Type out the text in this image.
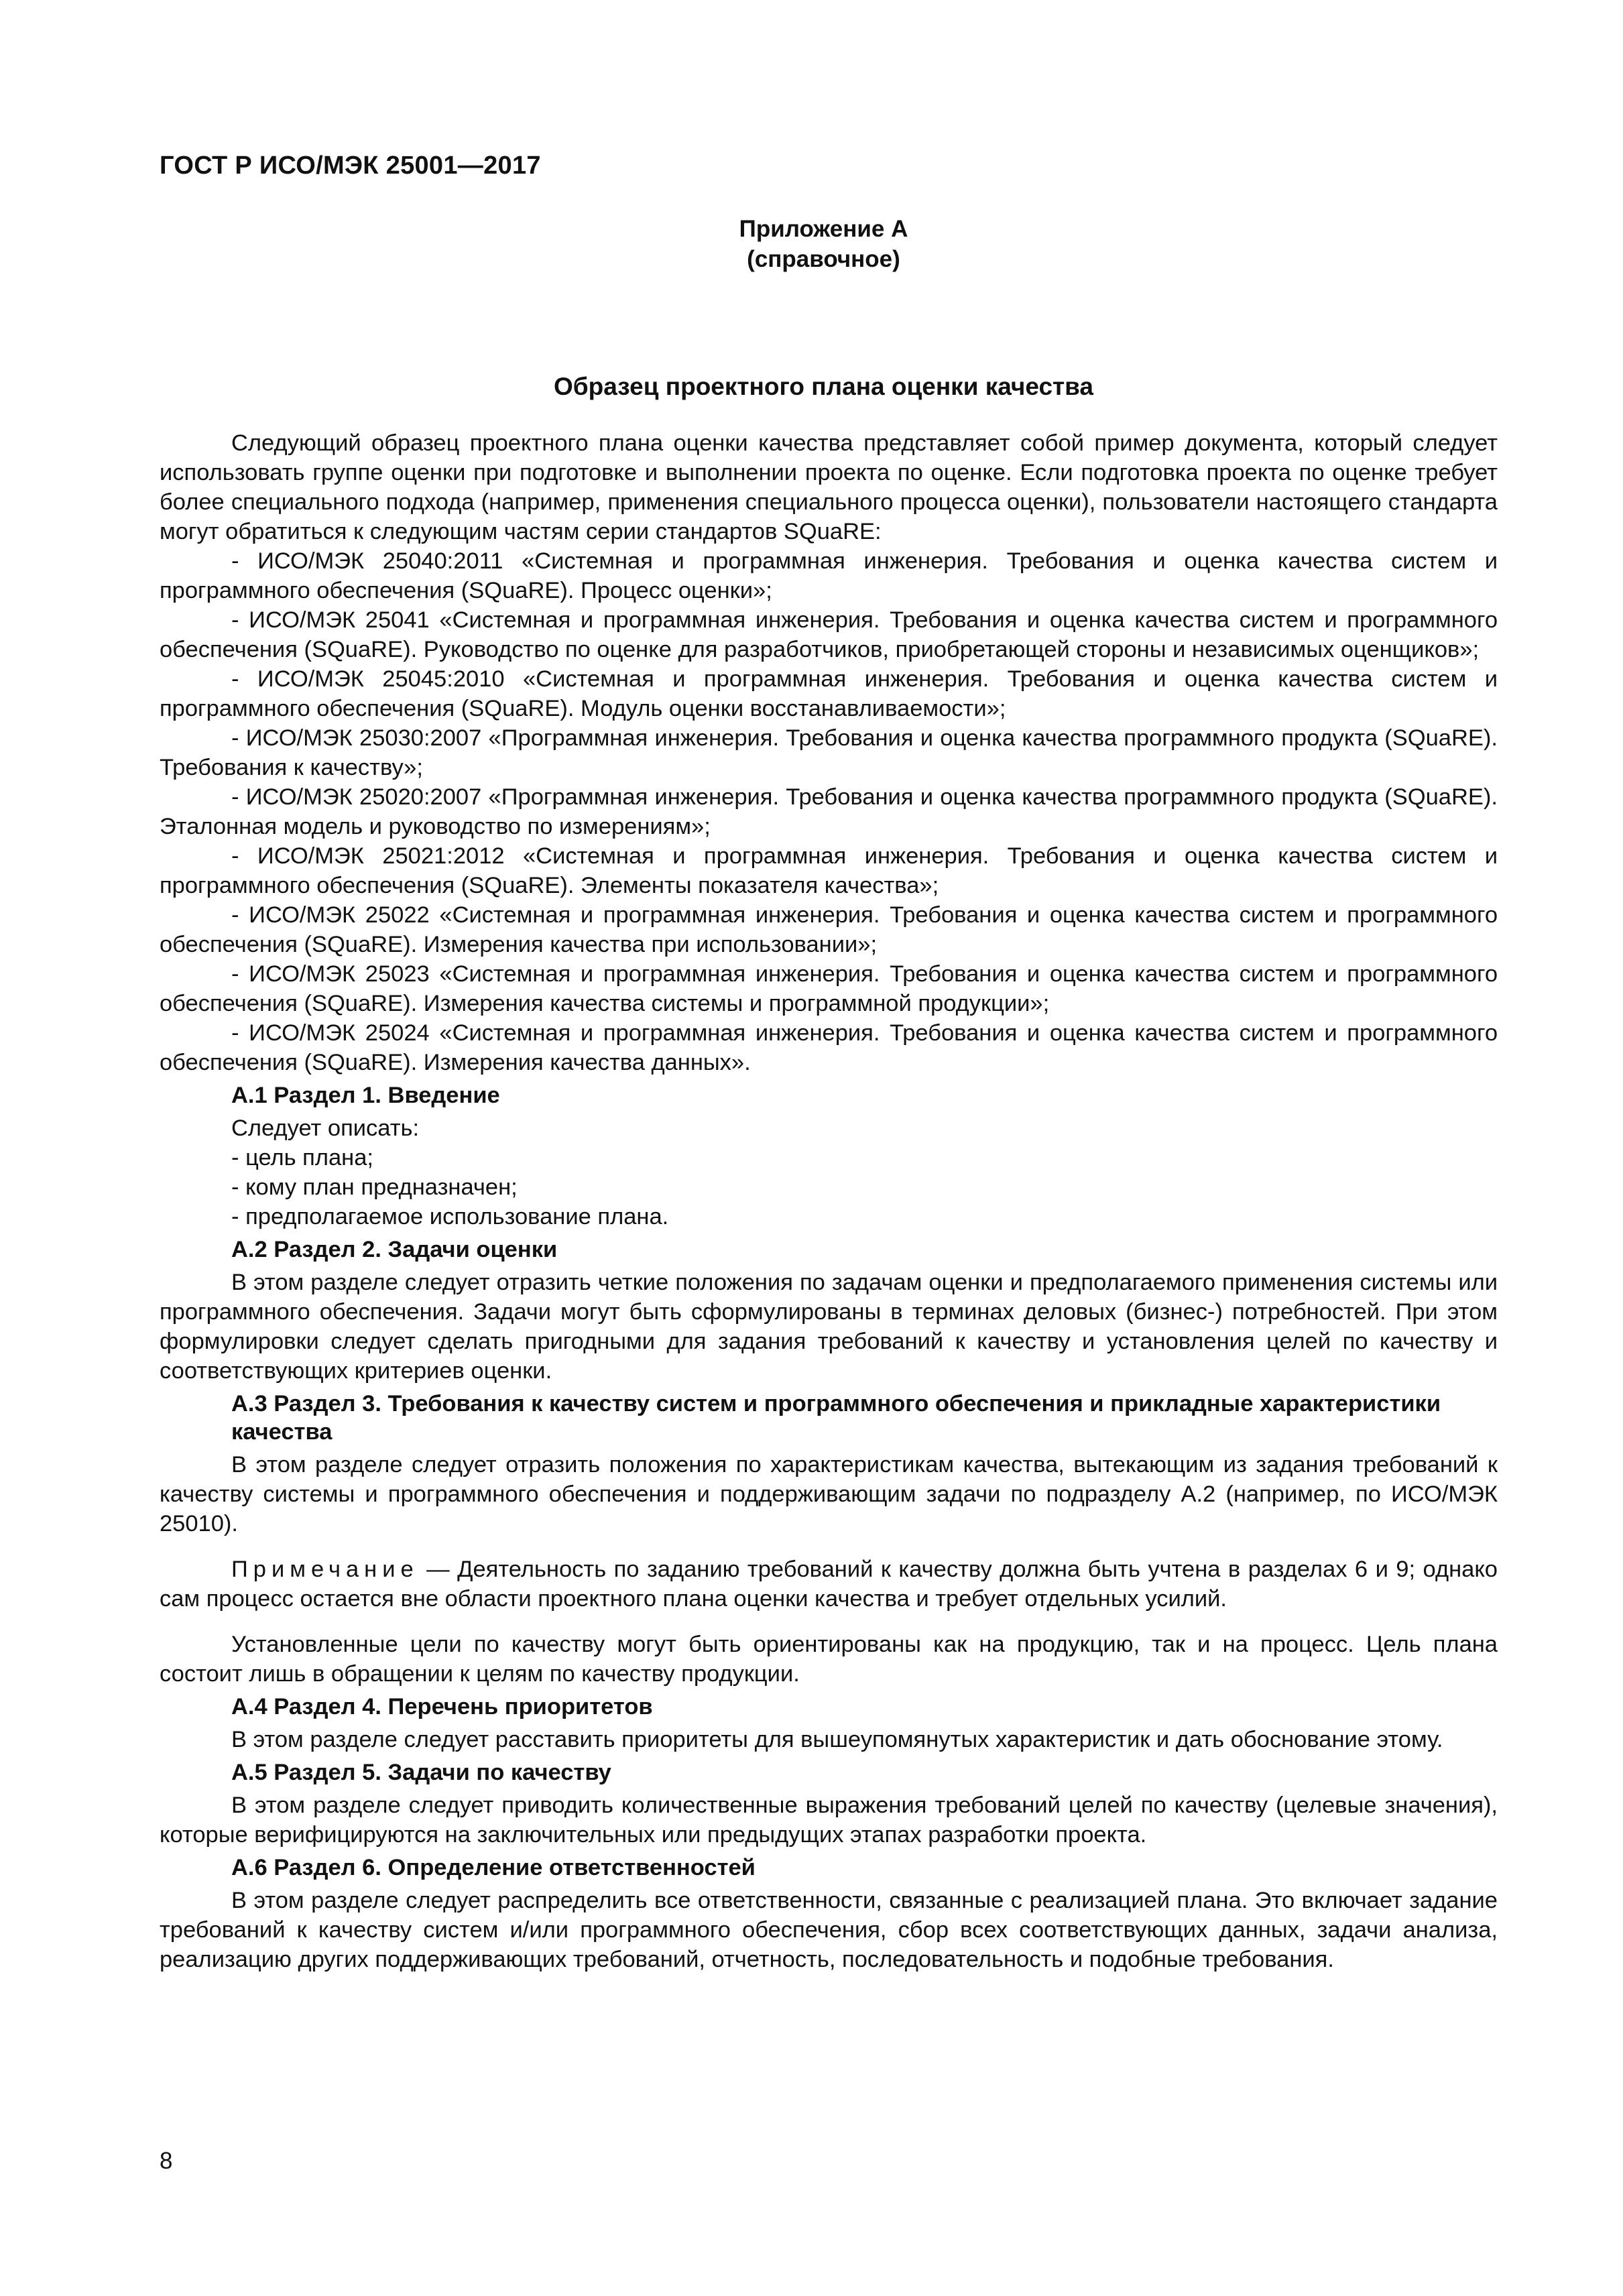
ГОСТ Р ИСО/МЭК 25001—2017
Приложение А
(справочное)
Образец проектного плана оценки качества

Следующий образец проектного плана оценки качества представляет собой пример документа, который следует использовать группе оценки при подготовке и выполнении проекта по оценке. Если подготовка проекта по оценке требует более специального подхода (например, применения специального процесса оценки), пользователи настоящего стандарта могут обратиться к следующим частям серии стандартов SQuaRE:

- ИСО/МЭК 25040:2011 «Системная и программная инженерия. Требования и оценка качества систем и программного обеспечения (SQuaRE). Процесс оценки»;

- ИСО/МЭК 25041 «Системная и программная инженерия. Требования и оценка качества систем и программного обеспечения (SQuaRE). Руководство по оценке для разработчиков, приобретающей стороны и независимых оценщиков»;

- ИСО/МЭК 25045:2010 «Системная и программная инженерия. Требования и оценка качества систем и программного обеспечения (SQuaRE). Модуль оценки восстанавливаемости»;

- ИСО/МЭК 25030:2007 «Программная инженерия. Требования и оценка качества программного продукта (SQuaRE). Требования к качеству»;

- ИСО/МЭК 25020:2007 «Программная инженерия. Требования и оценка качества программного продукта (SQuaRE). Эталонная модель и руководство по измерениям»;

- ИСО/МЭК 25021:2012 «Системная и программная инженерия. Требования и оценка качества систем и программного обеспечения (SQuaRE). Элементы показателя качества»;

- ИСО/МЭК 25022 «Системная и программная инженерия. Требования и оценка качества систем и программного обеспечения (SQuaRE). Измерения качества при использовании»;

- ИСО/МЭК 25023 «Системная и программная инженерия. Требования и оценка качества систем и программного обеспечения (SQuaRE). Измерения качества системы и программной продукции»;

- ИСО/МЭК 25024 «Системная и программная инженерия. Требования и оценка качества систем и программного обеспечения (SQuaRE). Измерения качества данных».

А.1 Раздел 1. Введение

Следует описать:

- цель плана;

- кому план предназначен;

- предполагаемое использование плана.

А.2 Раздел 2. Задачи оценки

В этом разделе следует отразить четкие положения по задачам оценки и предполагаемого применения системы или программного обеспечения. Задачи могут быть сформулированы в терминах деловых (бизнес-) потребностей. При этом формулировки следует сделать пригодными для задания требований к качеству и установления целей по качеству и соответствующих критериев оценки.

А.3 Раздел 3. Требования к качеству систем и программного обеспечения и прикладные характеристики качества

В этом разделе следует отразить положения по характеристикам качества, вытекающим из задания требований к качеству системы и программного обеспечения и поддерживающим задачи по подразделу А.2 (например, по ИСО/МЭК 25010).

Примечание — Деятельность по заданию требований к качеству должна быть учтена в разделах 6 и 9; однако сам процесс остается вне области проектного плана оценки качества и требует отдельных усилий.

Установленные цели по качеству могут быть ориентированы как на продукцию, так и на процесс. Цель плана состоит лишь в обращении к целям по качеству продукции.

А.4 Раздел 4. Перечень приоритетов

В этом разделе следует расставить приоритеты для вышеупомянутых характеристик и дать обоснование этому.

А.5 Раздел 5. Задачи по качеству

В этом разделе следует приводить количественные выражения требований целей по качеству (целевые значения), которые верифицируются на заключительных или предыдущих этапах разработки проекта.

А.6 Раздел 6. Определение ответственностей

В этом разделе следует распределить все ответственности, связанные с реализацией плана. Это включает задание требований к качеству систем и/или программного обеспечения, сбор всех соответствующих данных, задачи анализа, реализацию других поддерживающих требований, отчетность, последовательность и подобные требования.

8
